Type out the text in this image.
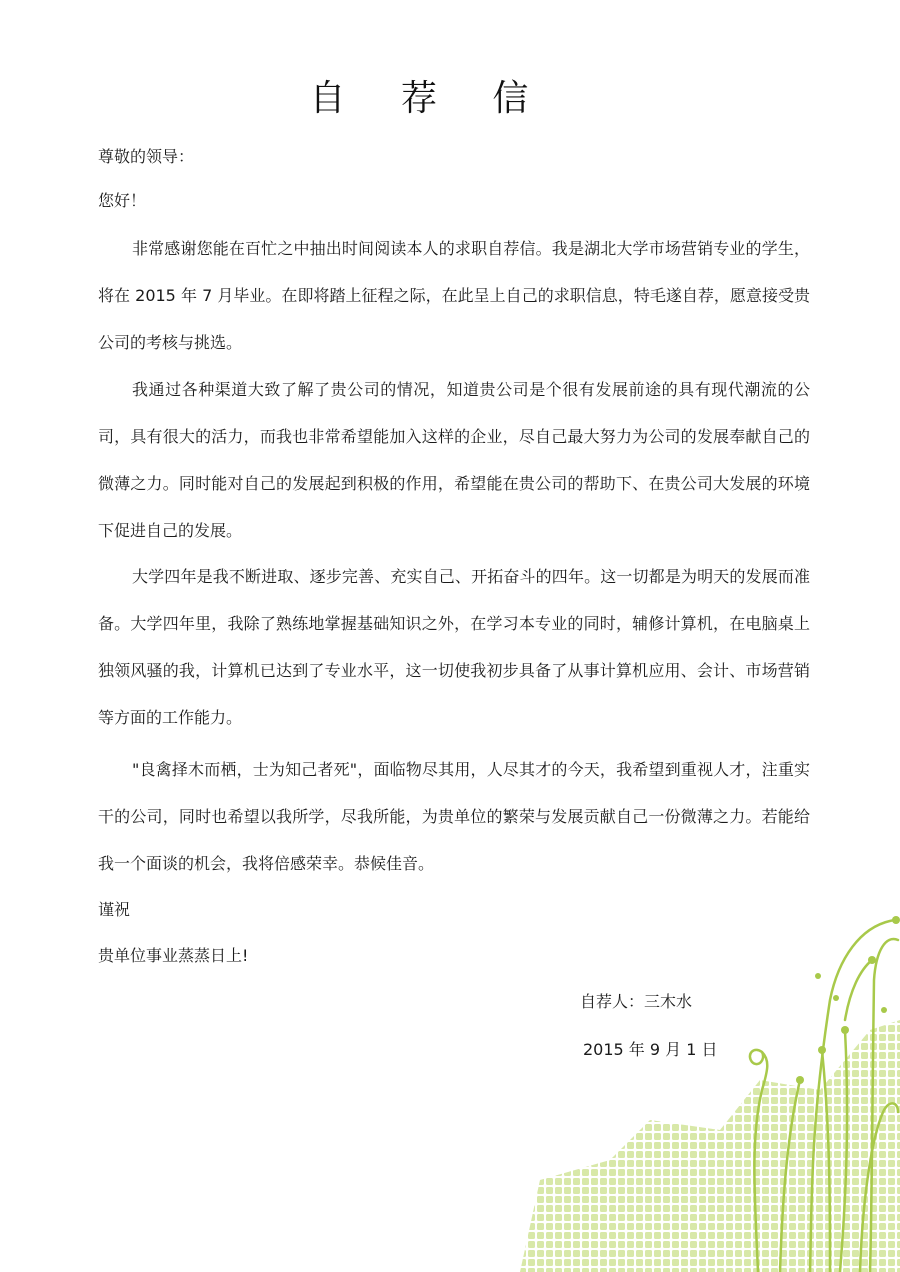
自 荐 信

尊敬的领导：

您好！

非常感谢您能在百忙之中抽出时间阅读本人的求职自荐信。我是湖北大学市场营销专业的学生，将在 2015 年 7 月毕业。在即将踏上征程之际，在此呈上自己的求职信息，特毛遂自荐，愿意接受贵公司的考核与挑选。

我通过各种渠道大致了解了贵公司的情况，知道贵公司是个很有发展前途的具有现代潮流的公司，具有很大的活力，而我也非常希望能加入这样的企业，尽自己最大努力为公司的发展奉献自己的微薄之力。同时能对自己的发展起到积极的作用，希望能在贵公司的帮助下、在贵公司大发展的环境下促进自己的发展。

大学四年是我不断进取、逐步完善、充实自己、开拓奋斗的四年。这一切都是为明天的发展而准备。大学四年里，我除了熟练地掌握基础知识之外，在学习本专业的同时，辅修计算机，在电脑桌上独领风骚的我，计算机已达到了专业水平，这一切使我初步具备了从事计算机应用、会计、市场营销等方面的工作能力。

"良禽择木而栖，士为知己者死"，面临物尽其用，人尽其才的今天，我希望到重视人才，注重实干的公司，同时也希望以我所学，尽我所能，为贵单位的繁荣与发展贡献自己一份微薄之力。若能给我一个面谈的机会，我将倍感荣幸。恭候佳音。

谨祝

贵单位事业蒸蒸日上!
